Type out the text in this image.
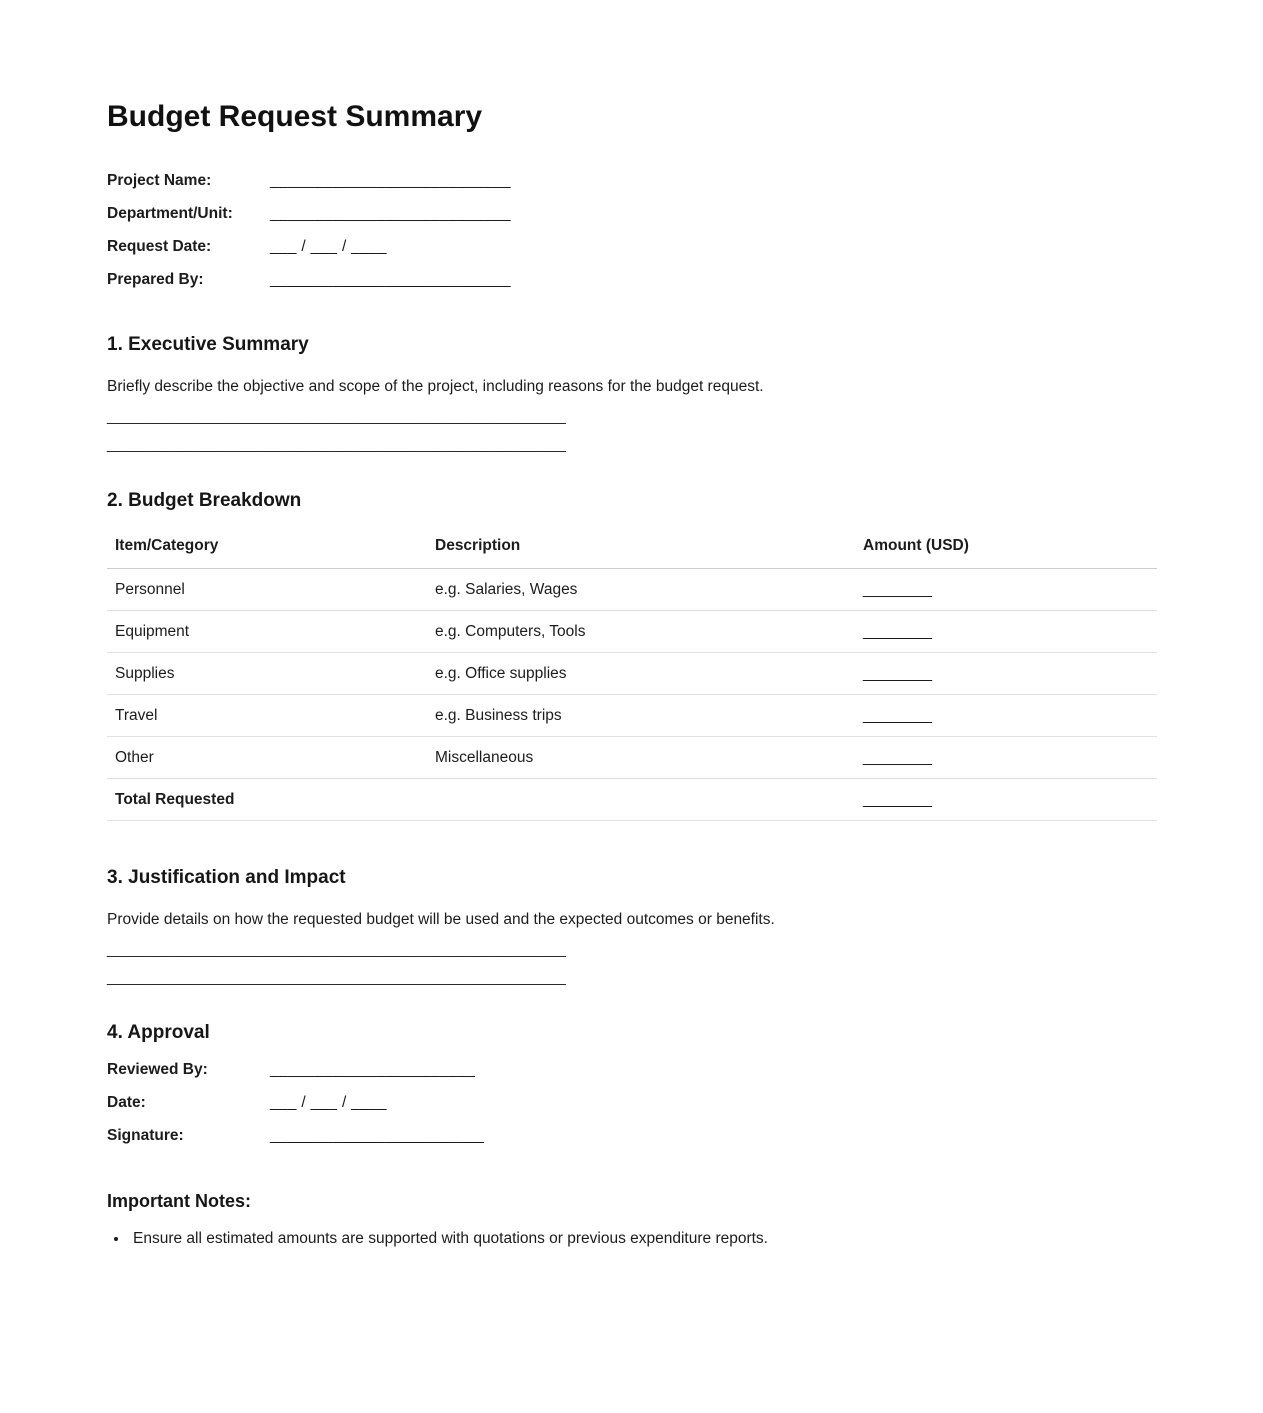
Budget Request Summary
Project Name:	___________________________
Department/Unit:	___________________________
Request Date:	___ / ___ / ____
Prepared By:	___________________________
1. Executive Summary

Briefly describe the objective and scope of the project, including reasons for the budget request.

_______________________________________________________
_______________________________________________________
2. Budget Breakdown
Item/Category	Description	Amount (USD)
Personnel	e.g. Salaries, Wages	________
Equipment	e.g. Computers, Tools	________
Supplies	e.g. Office supplies	________
Travel	e.g. Business trips	________
Other	Miscellaneous	________
Total Requested		________
3. Justification and Impact

Provide details on how the requested budget will be used and the expected outcomes or benefits.

_______________________________________________________
_______________________________________________________
4. Approval
Reviewed By:	_______________________
Date:	___ / ___ / ____
Signature:	________________________
Important Notes:
• Ensure all estimated amounts are supported with quotations or previous expenditure reports.
